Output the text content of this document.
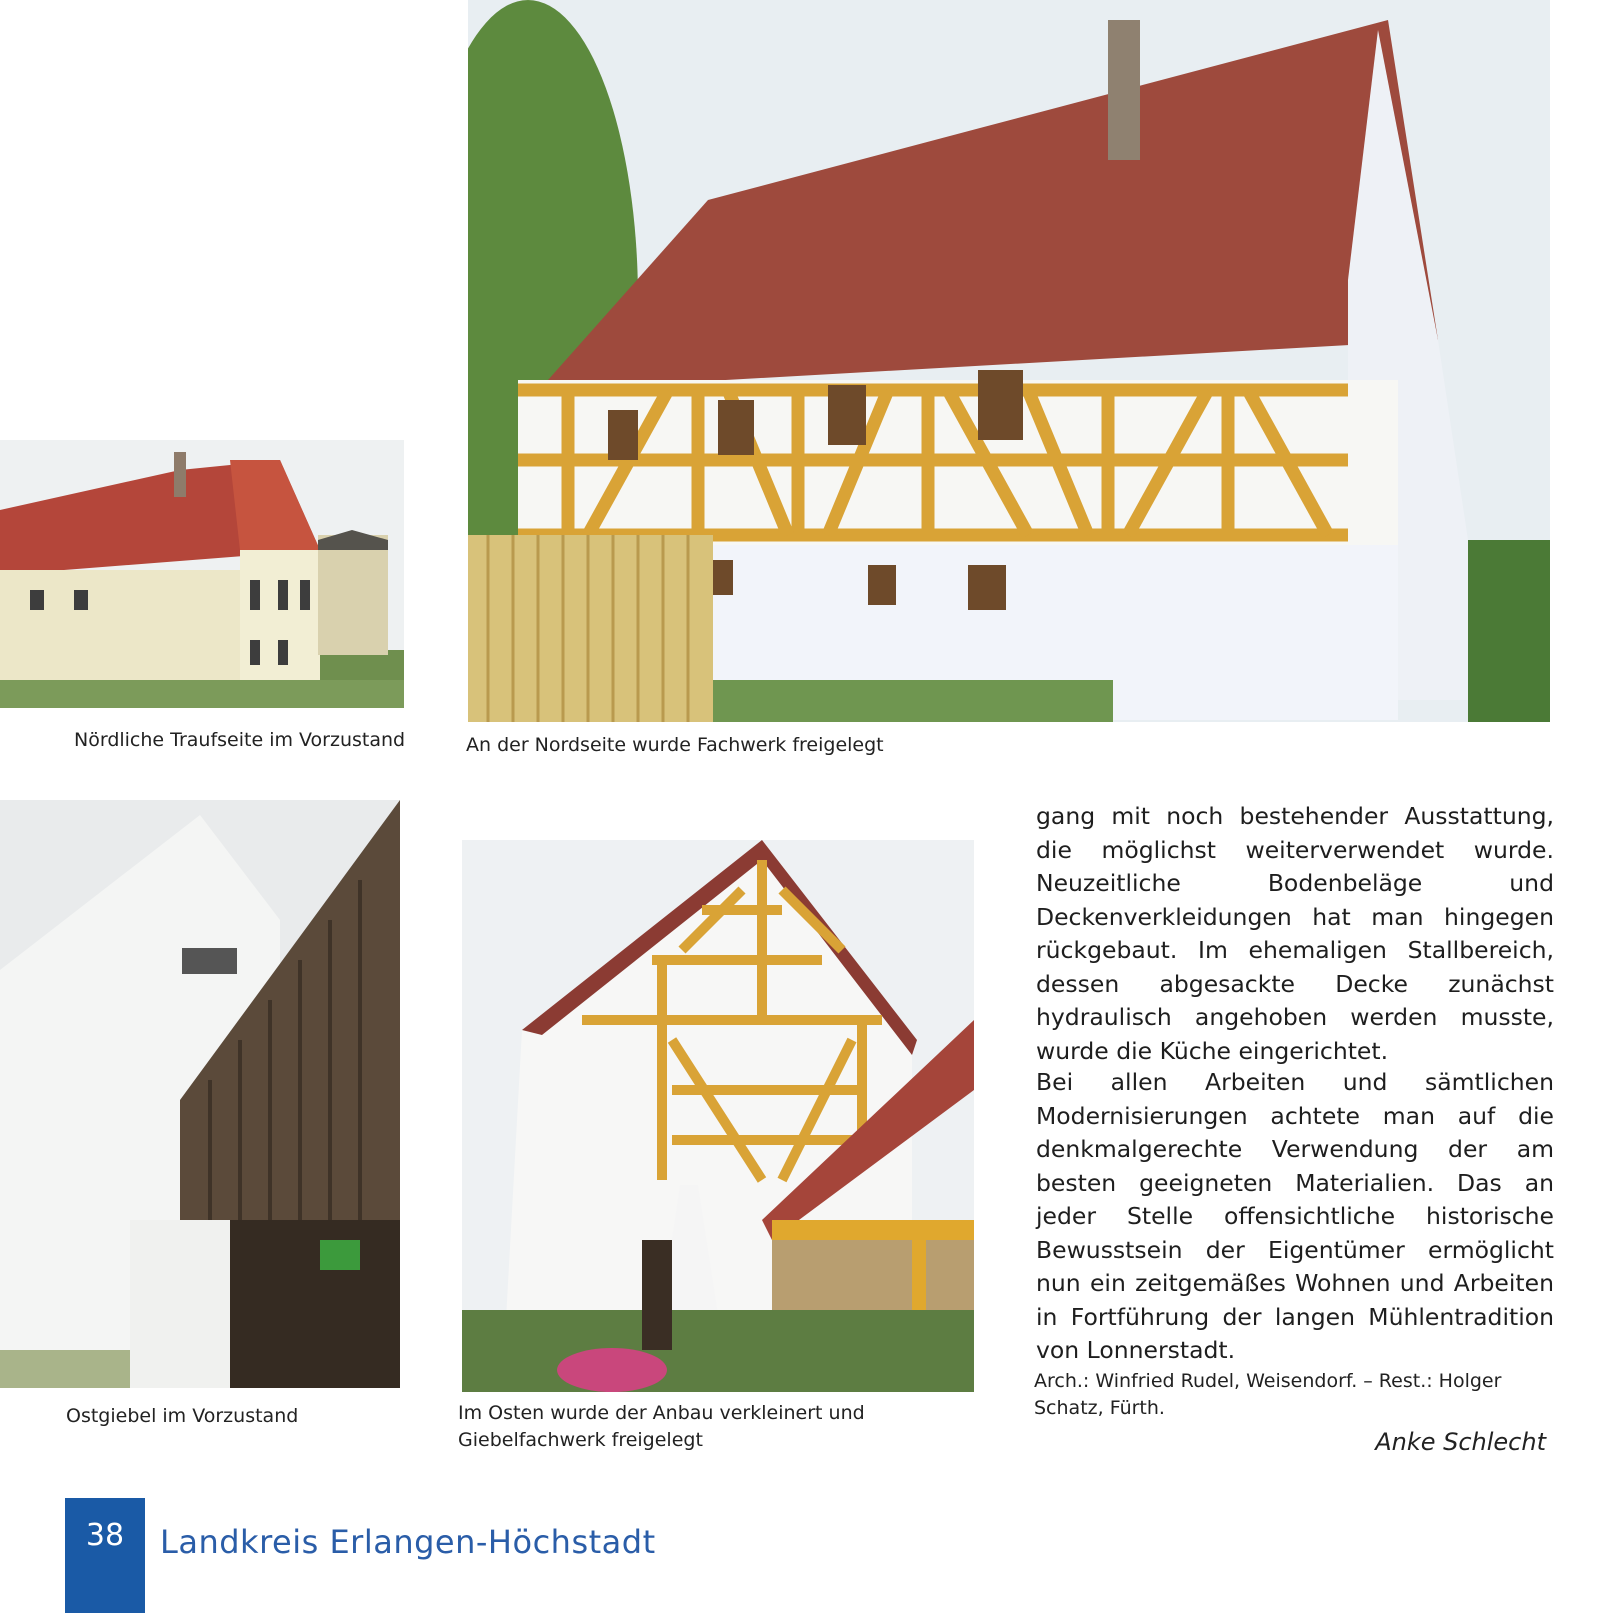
Nördliche Traufseite im Vorzustand	An der Nordseite wurde Fachwerk freigelegt
Ostgiebel im Vorzustand	Im Osten wurde der Anbau verkleinert und
Giebelfachwerk freigelegt

gang mit noch bestehender Ausstattung, die möglichst weiterverwendet wurde. Neuzeitliche Bodenbeläge und Deckenverkleidungen hat man hingegen rückgebaut. Im ehemaligen Stallbereich, dessen abgesackte Decke zunächst hydraulisch angehoben werden musste, wurde die Küche eingerichtet.

Bei allen Arbeiten und sämtlichen Modernisierungen achtete man auf die denkmalgerechte Verwendung der am besten geeigneten Materialien. Das an jeder Stelle offensichtliche historische Bewusstsein der Eigentümer ermöglicht nun ein zeitgemäßes Wohnen und Arbeiten in Fortführung der langen Mühlentradition von Lonnerstadt.

Arch.: Winfried Rudel, Weisendorf. – Rest.: Holger Schatz, Fürth.
Anke Schlecht
38	Landkreis Erlangen-Höchstadt
